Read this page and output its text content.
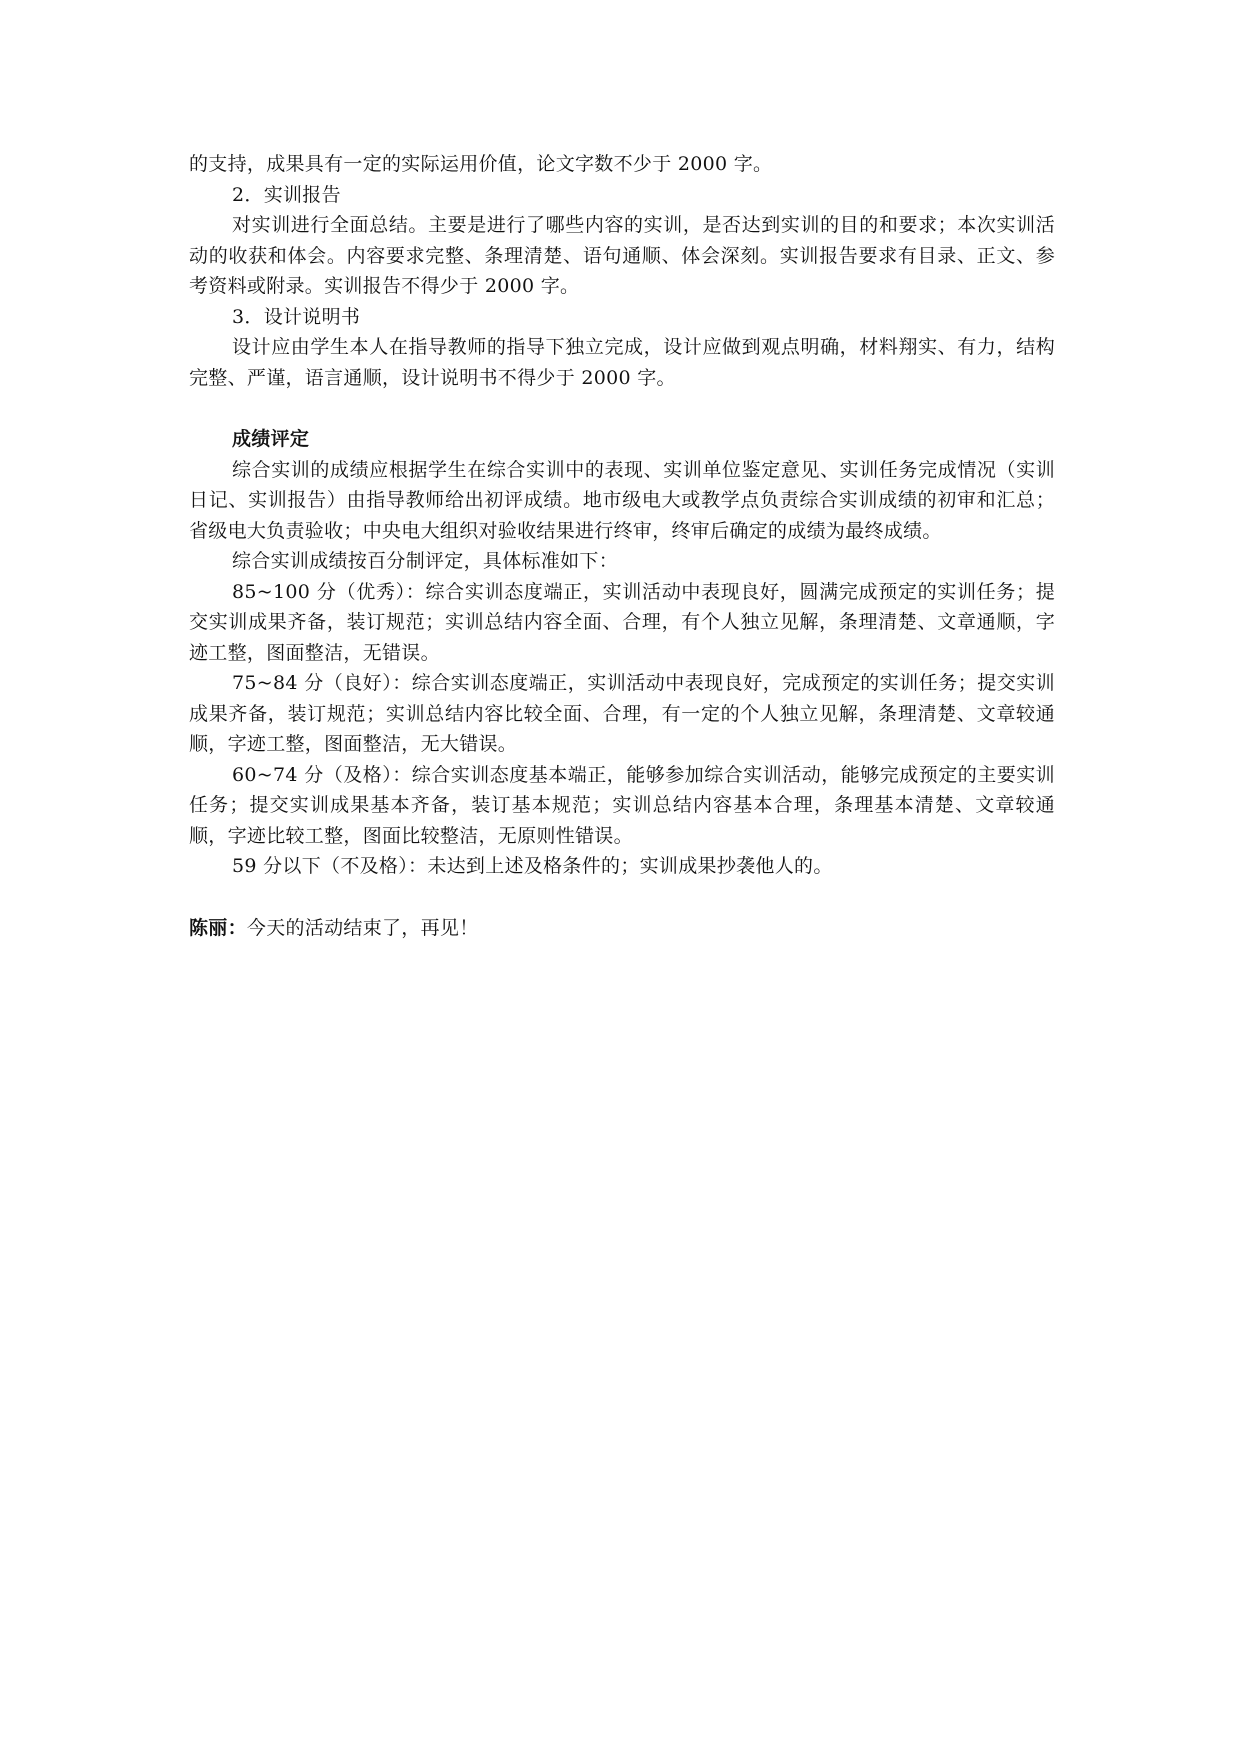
的支持，成果具有一定的实际运用价值，论文字数不少于 2000 字。

2．实训报告

对实训进行全面总结。主要是进行了哪些内容的实训，是否达到实训的目的和要求；本次实训活动的收获和体会。内容要求完整、条理清楚、语句通顺、体会深刻。实训报告要求有目录、正文、参考资料或附录。实训报告不得少于 2000 字。

3．设计说明书

设计应由学生本人在指导教师的指导下独立完成，设计应做到观点明确，材料翔实、有力，结构完整、严谨，语言通顺，设计说明书不得少于 2000 字。

成绩评定

综合实训的成绩应根据学生在综合实训中的表现、实训单位鉴定意见、实训任务完成情况（实训日记、实训报告）由指导教师给出初评成绩。地市级电大或教学点负责综合实训成绩的初审和汇总；省级电大负责验收；中央电大组织对验收结果进行终审，终审后确定的成绩为最终成绩。

综合实训成绩按百分制评定，具体标准如下：

85~100 分（优秀）：综合实训态度端正，实训活动中表现良好，圆满完成预定的实训任务；提交实训成果齐备，装订规范；实训总结内容全面、合理，有个人独立见解，条理清楚、文章通顺，字迹工整，图面整洁，无错误。

75~84 分（良好）：综合实训态度端正，实训活动中表现良好，完成预定的实训任务；提交实训成果齐备，装订规范；实训总结内容比较全面、合理，有一定的个人独立见解，条理清楚、文章较通顺，字迹工整，图面整洁，无大错误。

60~74 分（及格）：综合实训态度基本端正，能够参加综合实训活动，能够完成预定的主要实训任务；提交实训成果基本齐备，装订基本规范；实训总结内容基本合理，条理基本清楚、文章较通顺，字迹比较工整，图面比较整洁，无原则性错误。

59 分以下（不及格）：未达到上述及格条件的；实训成果抄袭他人的。

陈丽：今天的活动结束了，再见！
